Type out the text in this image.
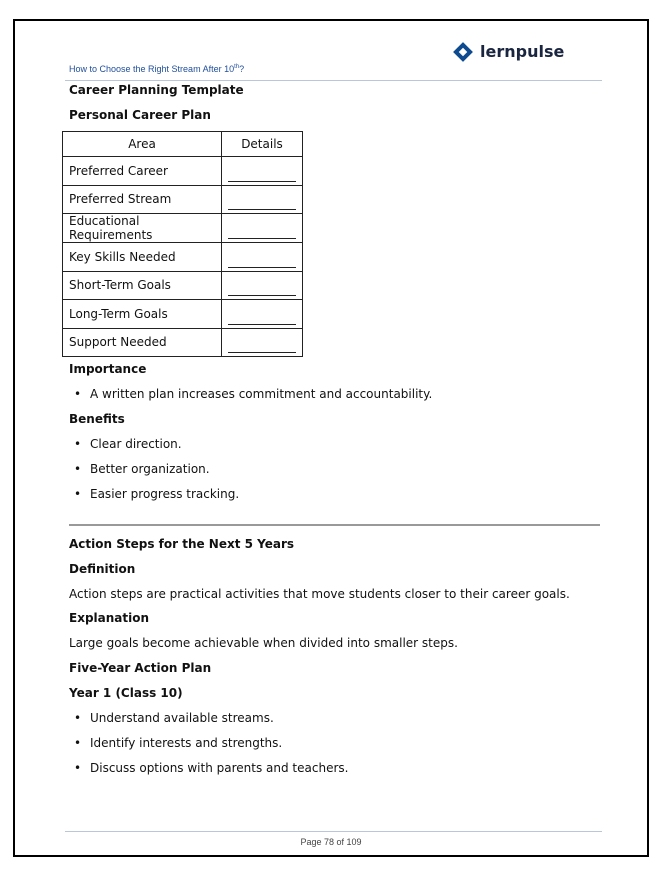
How to Choose the Right Stream After 10th?
lernpulse
Career Planning Template
Personal Career Plan
Area	Details
Preferred Career	

Preferred Stream	

Educational Requirements	

Key Skills Needed	

Short-Term Goals	

Long-Term Goals	

Support Needed	
Importance
• A written plan increases commitment and accountability.
Benefits
• Clear direction.
• Better organization.
• Easier progress tracking.
Action Steps for the Next 5 Years
Definition
Action steps are practical activities that move students closer to their career goals.
Explanation
Large goals become achievable when divided into smaller steps.
Five-Year Action Plan
Year 1 (Class 10)
• Understand available streams.
• Identify interests and strengths.
• Discuss options with parents and teachers.
Page 78 of 109
